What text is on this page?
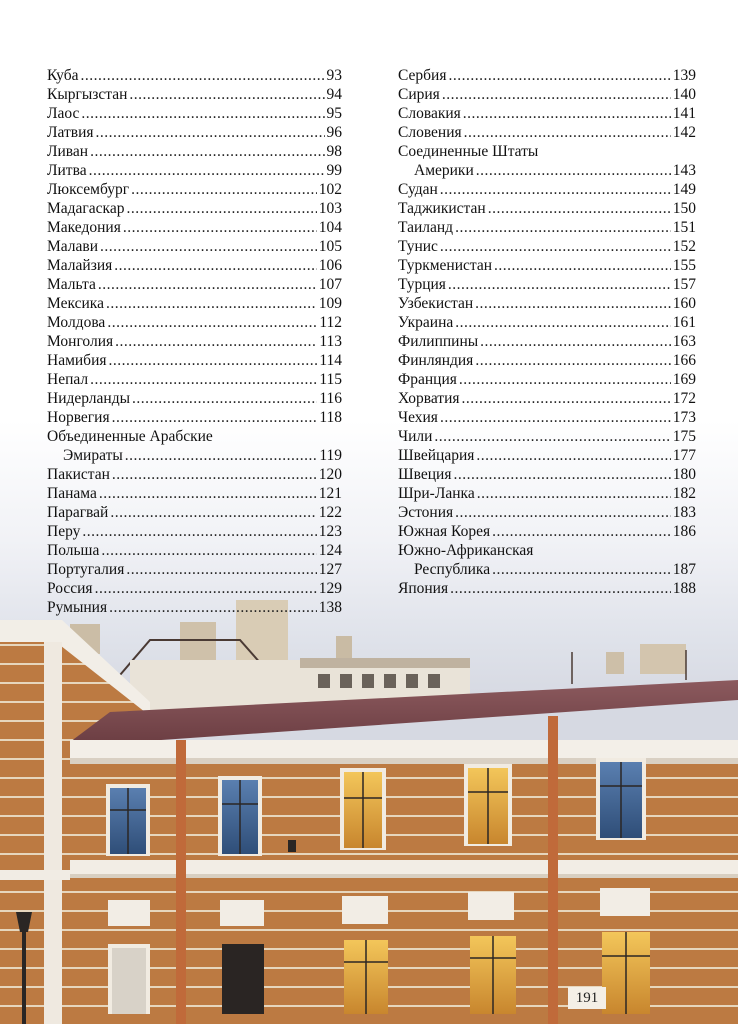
Куба .....	93
Кыргызстан .....	94
Лаос .....	95
Латвия .....	96
Ливан .....	98
Литва .....	99
Люксембург .....	102
Мадагаскар .....	103
Македония .....	104
Малави .....	105
Малайзия .....	106
Мальта .....	107
Мексика .....	109
Молдова .....	112
Монголия .....	113
Намибия .....	114
Непал .....	115
Нидерланды .....	116
Норвегия .....	118
Объединенные Арабские
Эмираты .....	119
Пакистан .....	120
Панама .....	121
Парагвай .....	122
Перу .....	123
Польша .....	124
Португалия .....	127
Россия .....	129
Румыния .....	138
Сербия .....	139
Сирия .....	140
Словакия .....	141
Словения .....	142
Соединенные Штаты
Америки .....	143
Судан .....	149
Таджикистан .....	150
Таиланд .....	151
Тунис .....	152
Туркменистан .....	155
Турция .....	157
Узбекистан .....	160
Украина .....	161
Филиппины .....	163
Финляндия .....	166
Франция .....	169
Хорватия .....	172
Чехия .....	173
Чили .....	175
Швейцария .....	177
Швеция .....	180
Шри-Ланка .....	182
Эстония .....	183
Южная Корея .....	186
Южно-Африканская
Республика .....	187
Япония .....	188
191
